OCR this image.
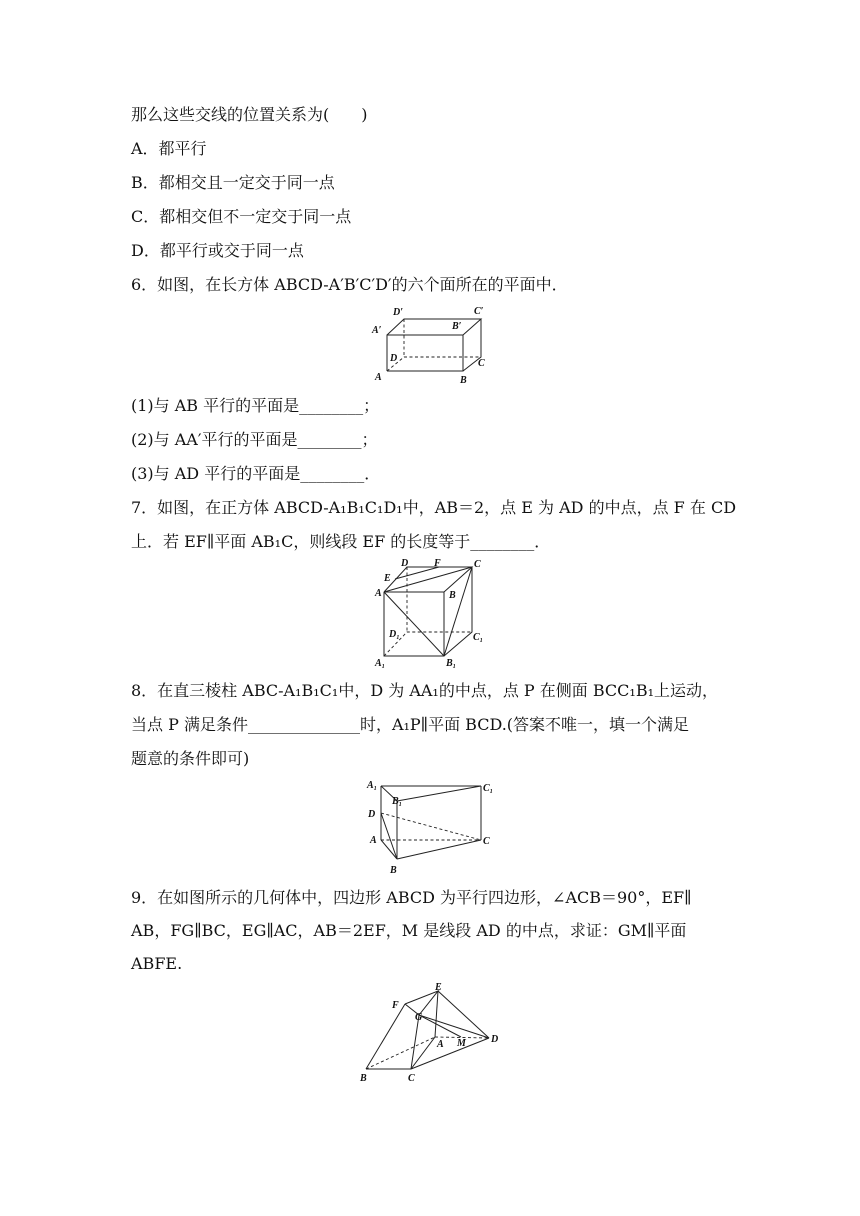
那么这些交线的位置关系为(　　)
A．都平行
B．都相交且一定交于同一点
C．都相交但不一定交于同一点
D．都平行或交于同一点
6．如图，在长方体 ABCD-A′B′C′D′的六个面所在的平面中．
D′	C′
A′	B′
D	C
A	B
(1)与 AB 平行的平面是________；
(2)与 AA′平行的平面是________；
(3)与 AD 平行的平面是________．
7．如图，在正方体 ABCD-A₁B₁C₁D₁中，AB＝2，点 E 为 AD 的中点，点 F 在 CD
上．若 EF∥平面 AB₁C，则线段 EF 的长度等于________．
D	F	C
E
A	B
D₁	C₁
A₁	B₁
8．在直三棱柱 ABC-A₁B₁C₁中，D 为 AA₁的中点，点 P 在侧面 BCC₁B₁上运动，
当点 P 满足条件______________时，A₁P∥平面 BCD.(答案不唯一，填一个满足
题意的条件即可)
A₁
B₁
C₁
D
A	C
B
9．在如图所示的几何体中，四边形 ABCD 为平行四边形，∠ACB＝90°，EF∥
AB，FG∥BC，EG∥AC，AB＝2EF，M 是线段 AD 的中点，求证：GM∥平面
ABFE.
E
F
G
A M	D
B	C
